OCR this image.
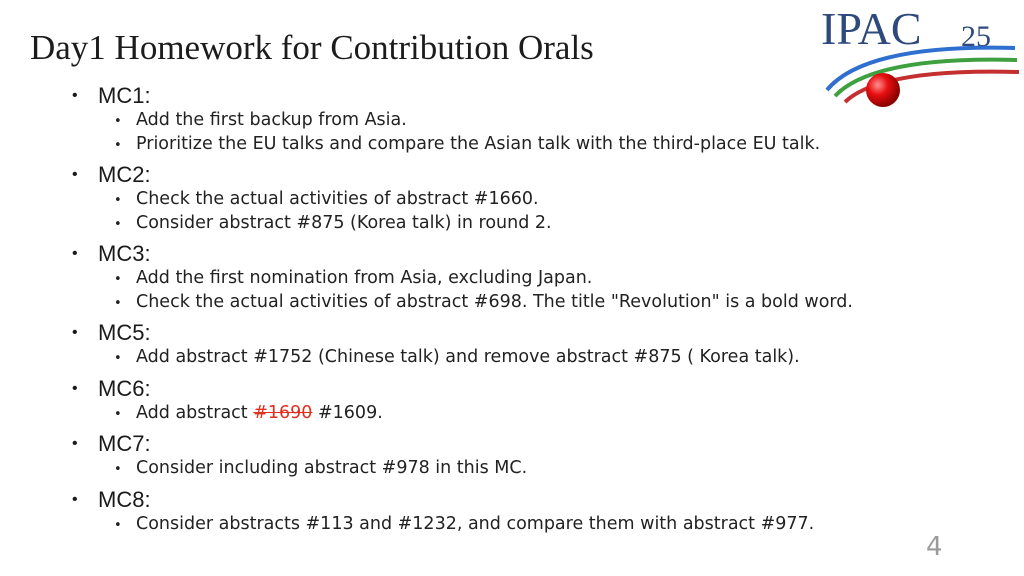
Day1 Homework for Contribution Orals	IPAC 25
• MC1:
• Add the first backup from Asia.
• Prioritize the EU talks and compare the Asian talk with the third-place EU talk.
• MC2:
• Check the actual activities of abstract #1660.
• Consider abstract #875 (Korea talk) in round 2.
• MC3:
• Add the first nomination from Asia, excluding Japan.
• Check the actual activities of abstract #698. The title "Revolution" is a bold word.
• MC5:
• Add abstract #1752 (Chinese talk) and remove abstract #875 ( Korea talk).
• MC6:
• Add abstract #1690 #1609.
• MC7:
• Consider including abstract #978 in this MC.
• MC8:
• Consider abstracts #113 and #1232, and compare them with abstract #977.
4
